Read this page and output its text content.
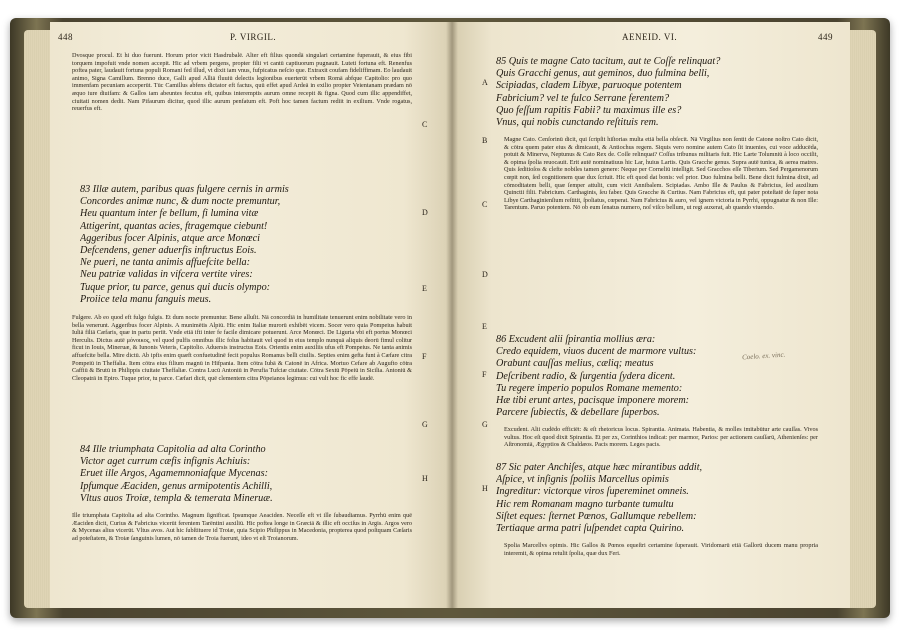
448	P. VIRGIL.
Dvosque procul. Et hi duo fuerunt. Horum prior vicit Hasdrubalē. Alter eft filius quondā singulari certamine fuperauit, & eius fibi torquem impofuit vnde nomen accepit. Hic ad vrbem pergens, propter filii vt cantū captiuorum pugnauit. Luteti fortuna eft. Renenfus poftea pater, laudauit fortuna populi Romani fed illud, vt dixit iam vnus, fufpicatus neſcio que. Extraxit coufam fideliffimam. Eo laudauit animo, Signa Camillum. Brenno duce, Galli apud Alliā fluuiū delectis legionibus euerterūt vrbem Romā abfque Capitolio: pro quo immenfam pecuniam acceperūt. Tūc Camillus abfens dictator eft factus, quū effet apud Ardeā in exilio propter Veientanam prædam nō æquo iure diuifam: & Gallos iam abeuntes fecutus eft, quibus interemptis aurum omne recepit & figna. Quod cum illic appendiffet, ciuitati nomen dedit. Nam Pifaurum dicitur, quod illic aurum penfatum eft. Poft hoc tamen factum rediit in exilium. Vnde rogatus, reuerfus eft.
83 Illæ autem, paribus quas fulgere cernis in armis
Concordes animæ nunc, & dum nocte premuntur,
Heu quantum inter fe bellum, fi lumina vitæ
Attigerint, quantas acies, ftragemque ciebunt!
Aggeribus focer Alpinis, atque arce Monœci
Defcendens, gener aduerfis inftructus Eois.
Ne pueri, ne tanta animis affuefcite bella:
Neu patriæ validas in vifcera vertite vires:
Tuque prior, tu parce, genus qui ducis olympo:
Proiice tela manu fanguis meus.
Fulgere. Ab eo quod eft fulgo fulgis. Et dum nocte premuntur. Bene alluſit. Nā concordiā in humilitate tenuerunt enim nobilitate vero in bella venerunt. Aggeribus focer Alpinis. A munimētis Alpiū. Hic enim Italiæ murorū exhibēt vicem. Socer vero quia Pompeius habuit Iuliā filiā Cæfaris, quæ in partu periit. Vnde etiā ifti inter fe facile dimicare potuerunt. Arce Monœci. De Liguria vbi eft portus Monœci Herculis. Dictus autē μόνοικος, vel quod pulfis omnibus illic folus habitauit vel quod in eius templo nunquā aliquis deorū fimul colitur ficut in Iouis, Mineruæ, & Iunonis Veteris, Capitolio. Aduersis instructus Eois. Orientis enim auxiliis ufus eft Pompeius. Ne tanta animis affuefcite bella. Mire dictū. Ab ipfis enim quæft confuetudinē fecit populus Romanus belli ciuilis. Septies enim gefta funt à Cæfare citra Pompeiū in Theffalia. Item cōtra eius filium magnū in Hifpania. Item cōtra Iubā & Catonē in Africa. Mortuo Cefare ab Augufto cōtra Caffiū & Brutū in Philippis ciuitate Theffaliæ. Contra Lucū Antoniū in Perufia Tufciæ ciuitate. Cōtra Sextū Pōpeiū in Sicilia. Antoniū & Cleopatrā in Epiro. Tuque prior, tu parce. Cæfari dicit, quē clementem citra Pōpeianos legimus: cui vult hoc fic effe laudē.
84 Ille triumphata Capitolia ad alta Corintho
Victor aget currum cæfis infignis Achiuis:
Eruet ille Argos, Agamemnoniafque Mycenas:
Ipfumque Æaciden, genus armipotentis Achilli,
Vltus auos Troiæ, templa & temerata Mineruæ.
Ille triumphata Capitolia ad alta Corintho. Magnum ſignificat. Ipsumque Aeaciden. Neceſſe eft vt ille ſubaudiamus. Pyrrhū enim quē Æaciden dicit, Curius & Fabricius vicerūt ferentem Tarēntini auxiliū. Hic poftea longe in Græciā & illic eft occiſus in Argis. Argos vero & Mycenas alius vicerūt. Vltus avos. Aut hic ſubſtituere id Troiæ, quia Scipio Philippus in Macedonia, propterea quod poſtquam Cæſaris ad poteſtatem, & Troiæ ſanguinis lumen, nō tamen de Troia fuerunt, ideo vt eſt Troianorum.
C
D
E
F
G
H
AENEID. VI.	449
85 Quis te magne Cato tacitum, aut te Coſſe relinquat?
Quis Gracchi genus, aut geminos, duo fulmina belli,
Scipiadas, cladem Libyæ, paruoque potentem
Fabricium? vel te fulco Serrane ferentem?
Quo feſſum rapitis Fabii? tu maximus ille es?
Vnus, qui nobis cunctando reſtituis rem.
Magne Cato. Cenſorinū dicit, qui ſcripſit hiſtorias multa etiā bella obſecit. Nā Virgilius non ſentit de Catone noſtro Cato dicit, & cōtra quem pater eius & dimicauit, & Antiochus regem. Siquis vero nomine autem Cato ſit inuenies, cui voce adducēda, potuit & Minerva, Neptunus & Cato Rex de. Coſſe relinquat? Coſſus tribunus militaris fuit. Hic Larte Tolumniū à loco occiſit, & opima ſpolia reuocauit. Erit autē nominatiuus hic Lar, huius Lartis. Quis Gracche genus. Supra autē tunica, & aerea matres. Quis ſeditioſos & clefte nobiles tamen genere: Neque per Corneliū intelligit. Sed Gracchos eſſe Tiberium. Sed Pergamenorum cœpit non, ſed cognitionem quæ dux ſcriuit. Hic eft quod dat bonis: vel prior. Duo fulmina belli. Bene dicit fulmina dixit, ad cōmoditatem belli, quæ ſemper attulit, cum vicit Annibalem. Scipiadas. Ambo Ille & Paulus & Fabricius, ſed auxilium Quinctii filii. Fabricium. Carthaginis, ſeu faber. Quis Gracche & Curtius. Nam Fabricius eft, qui pater poteſtatē de ſuper nota Libye Carthaginienſium reſtitit, ſpoliatus, cœperat. Nam Fabricius & auro, vel ignem victoria in Pyrrhi, oppugnatur & non Ille: Tarentum. Paruo potentem. Nō ob eum ſenatus numero, noſ viſco bellum, ut regi auxerat, ab quando viuendo.
86 Excudent alii ſpirantia mollius æra:
Credo equidem, viuos ducent de marmore vultus:
Orabunt cauſſas melius, cæliq; meatus
Deſcribent radio, & ſurgentia ſydera dicent.
Tu regere imperio populos Romane memento:
Hæ tibi erunt artes, pacisque imponere morem:
Parcere ſubiectis, & debellare ſuperbos.
Coelo. ex. vinc.
Excudent. Alii cudēdo efficiēt: & eſt rhetoricus locus. Spirantia. Animata. Habentia, & molles imitabūtur arte cauſſas. Vivos vultus. Hoc eſt quod dixit Spirantia. Et per zx, Corinthios indicat: per marmor, Parios: per actionem cauſſarū, Athenienſes: per Aſtronomiā, Ægyptios & Chaldæos. Pacis morem. Leges pacis.
87 Sic pater Anchiſes, atque hæc mirantibus addit,
Aſpice, vt inſignis ſpoliis Marcellus opimis
Ingreditur: victorque viros ſupereminet omneis.
Hic rem Romanam magno turbante tumultu
Siſtet eques: ſternet Pœnos, Gallumque rebellem:
Tertiaque arma patri ſuſpendet capta Quirino.
Spolia Marcellvs opimis. Hic Gallos & Pœnos equeſtri certamine ſuperauit. Viridomarū etiā Gallorū ducem manu propria interemit, & opima retulit ſpolia, quæ dux Feri.
A
B
C
D
E
F
G
H
